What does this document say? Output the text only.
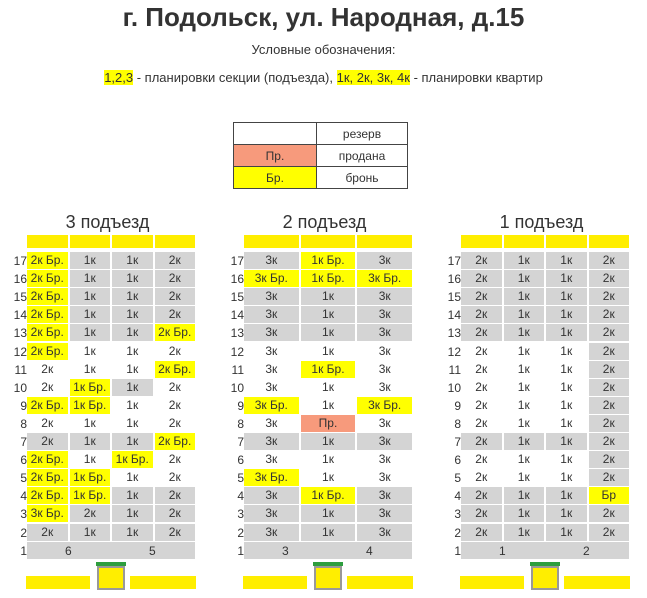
г. Подольск, ул. Народная, д.15
Условные обозначения:
1,2,3 - планировки секции (подъезда), 1к, 2к, 3к, 4к - планировки квартир
	резерв
Пр.	продана
Бр.	бронь
3 подъезд
17 2к Бр.	1к	1к	2к
16 2к Бр.	1к	1к	2к
15 2к Бр.	1к	1к	2к
14 2к Бр.	1к	1к	2к
13 2к Бр.	1к	1к	2к Бр.
12 2к Бр.	1к	1к	2к
11	2к	1к	1к	2к Бр.
10	2к	1к Бр.	1к	2к
9 2к Бр. 1к Бр.	1к	2к
8	2к	1к	1к	2к
7	2к	1к	1к	2к Бр.
6 2к Бр.	1к	1к Бр.	2к
5 2к Бр. 1к Бр.	1к	2к
4 2к Бр. 1к Бр.	1к	2к
3 3к Бр.	2к	1к	2к
2	2к	1к	1к	2к
1	6	5
2 подъезд
17	3к	1к Бр.	3к
16 3к Бр.	1к Бр.	3к Бр.
15	3к	1к	3к
14	3к	1к	3к
13	3к	1к	3к
12	3к	1к	3к
11	3к	1к Бр.	3к
10	3к	1к	3к
9 3к Бр.	1к	3к Бр.
8	3к	Пр.	3к
7	3к	1к	3к
6	3к	1к	3к
5 3к Бр.	1к	3к
4	3к	1к Бр.	3к
3	3к	1к	3к
2	3к	1к	3к
1	3	4
1 подъезд
17	2к	1к	1к	2к
16	2к	1к	1к	2к
15	2к	1к	1к	2к
14	2к	1к	1к	2к
13	2к	1к	1к	2к
12	2к	1к	1к	2к
11	2к	1к	1к	2к
10	2к	1к	1к	2к
9	2к	1к	1к	2к
8	2к	1к	1к	2к
7	2к	1к	1к	2к
6	2к	1к	1к	2к
5	2к	1к	1к	2к
4	2к	1к	1к	Бр
3	2к	1к	1к	2к
2	2к	1к	1к	2к
1	1	2
